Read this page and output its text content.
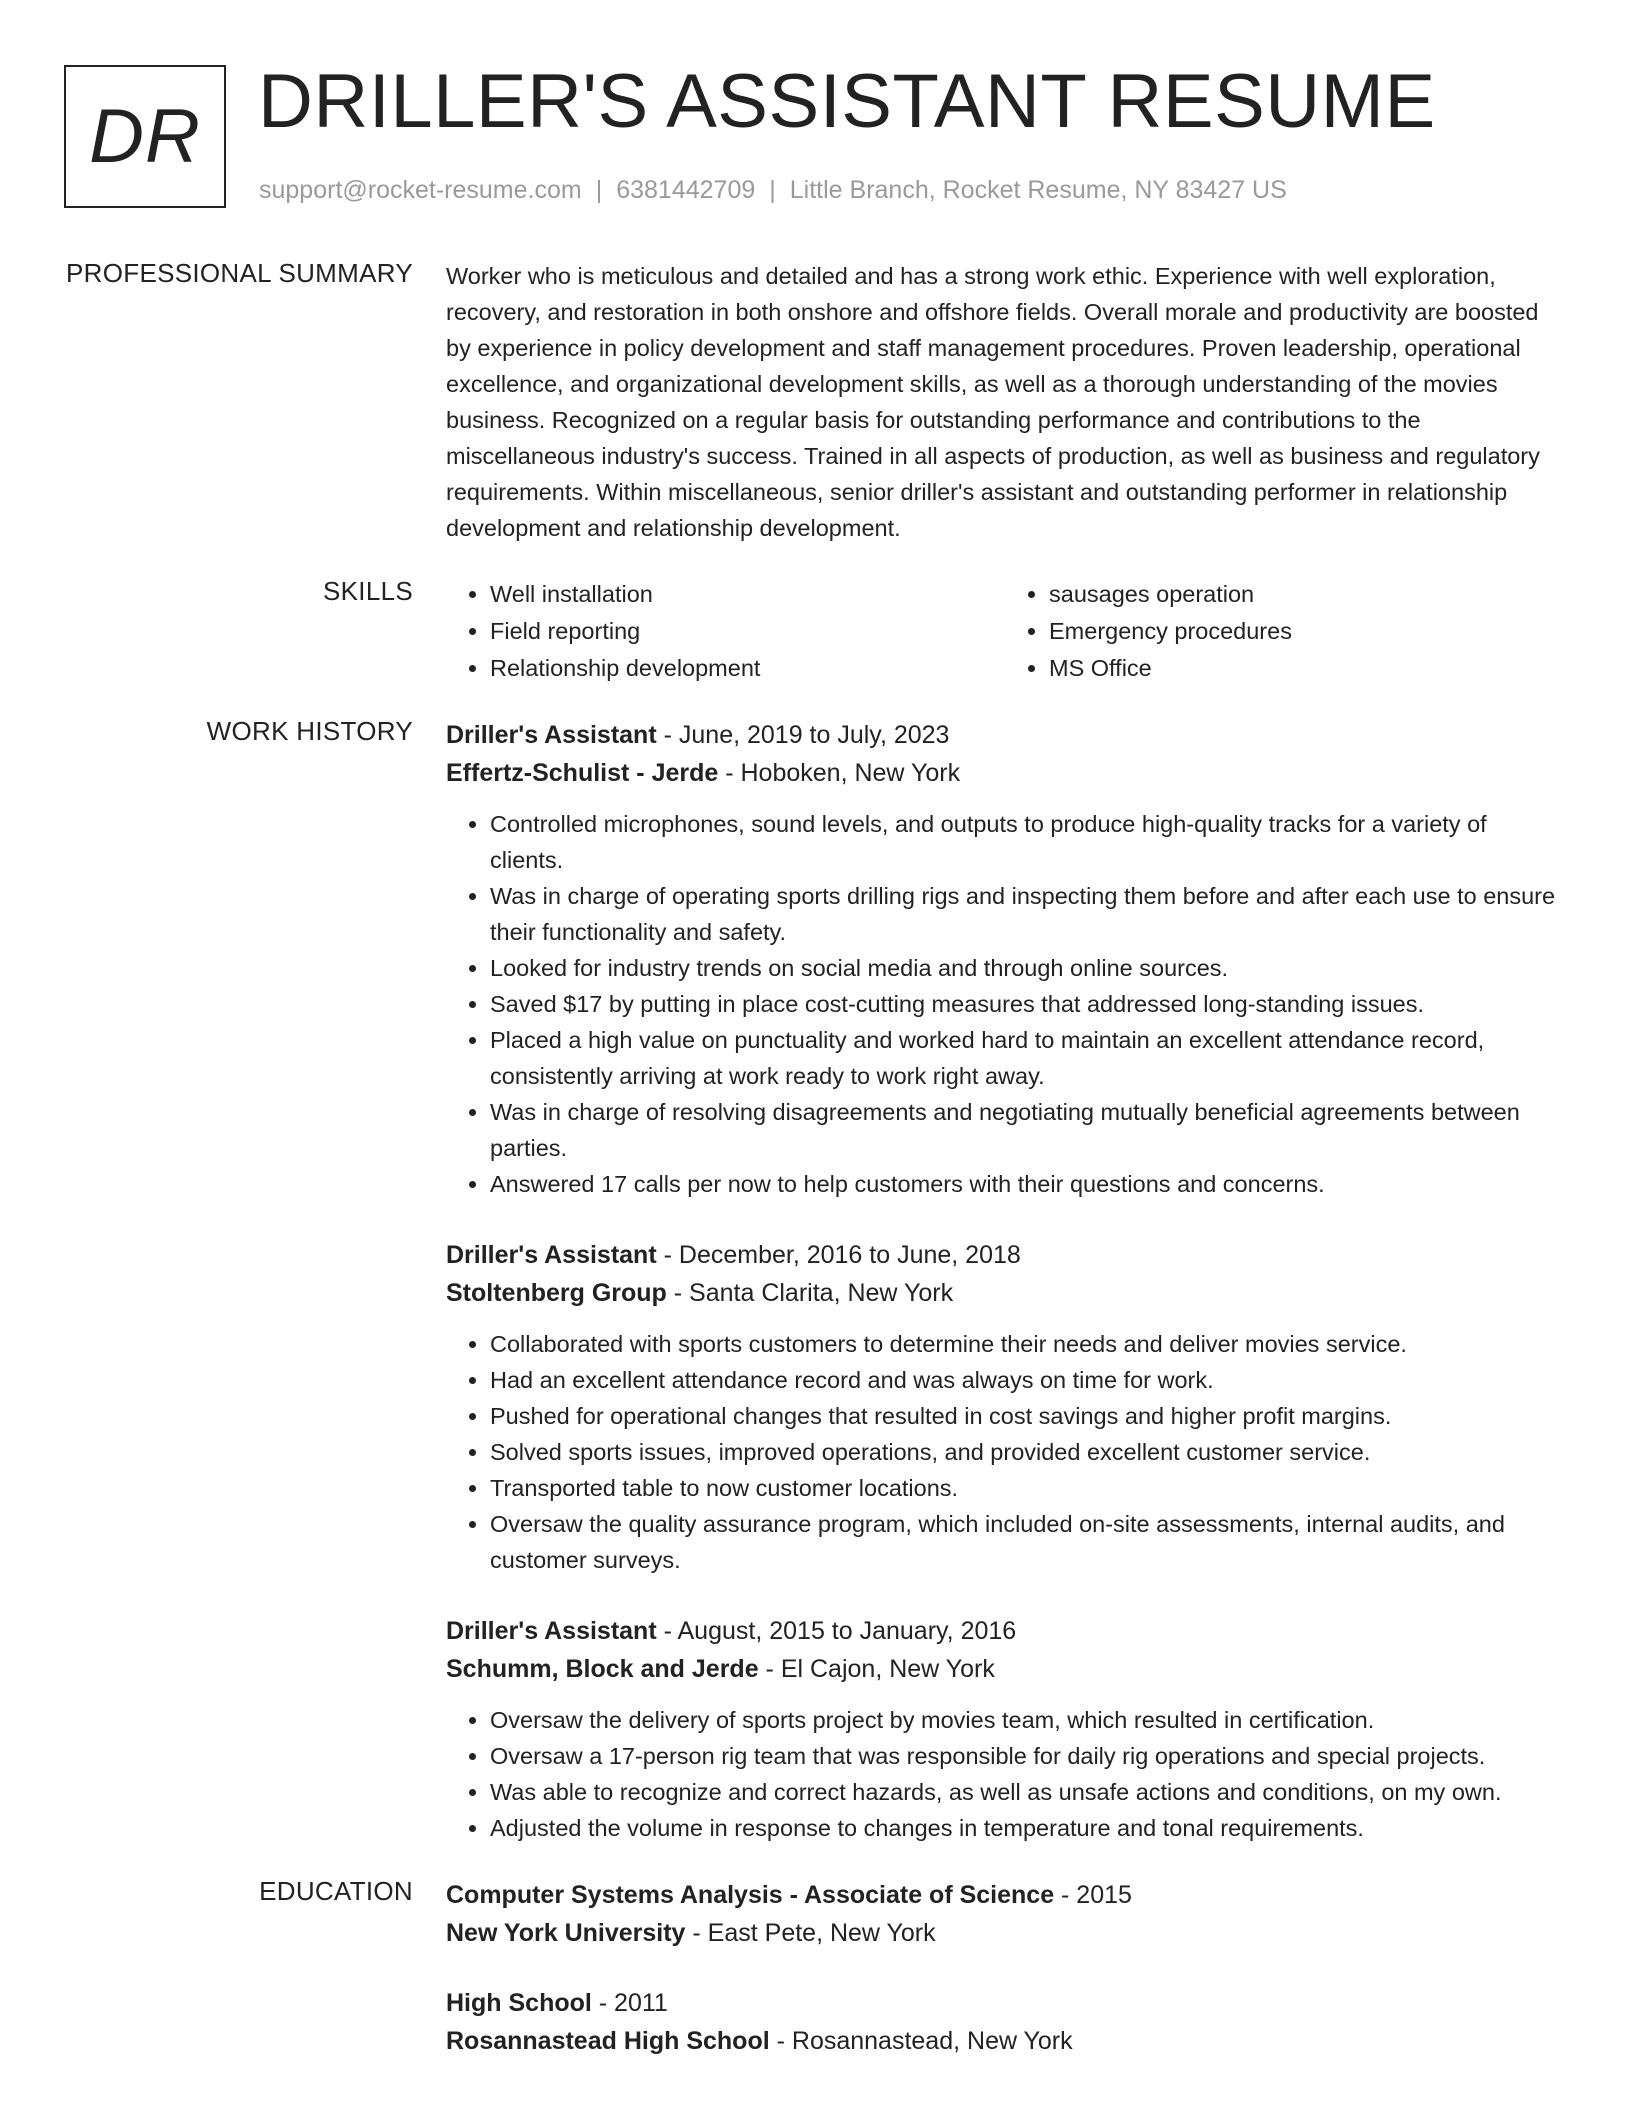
DR DRILLER'S ASSISTANT RESUME
support@rocket-resume.com | 6381442709 | Little Branch, Rocket Resume, NY 83427 US
PROFESSIONAL SUMMARY Worker who is meticulous and detailed and has a strong work ethic. Experience with well exploration, recovery, and restoration in both onshore and offshore fields. Overall morale and productivity are boosted by experience in policy development and staff management procedures. Proven leadership, operational excellence, and organizational development skills, as well as a thorough understanding of the movies business. Recognized on a regular basis for outstanding performance and contributions to the miscellaneous industry's success. Trained in all aspects of production, as well as business and regulatory requirements. Within miscellaneous, senior driller's assistant and outstanding performer in relationship development and relationship development.

SKILLS
•	Well installation
• Field reporting
• Relationship development
• sausages operation
• Emergency procedures
• MS Office
WORK HISTORY Driller's Assistant - June, 2019 to July, 2023

Effertz-Schulist - Jerde - Hoboken, New York

• Controlled microphones, sound levels, and outputs to produce high-quality tracks for a variety of clients.
• Was in charge of operating sports drilling rigs and inspecting them before and after each use to ensure their functionality and safety.
• Looked for industry trends on social media and through online sources.
• Saved $17 by putting in place cost-cutting measures that addressed long-standing issues.
• Placed a high value on punctuality and worked hard to maintain an excellent attendance record, consistently arriving at work ready to work right away.
• Was in charge of resolving disagreements and negotiating mutually beneficial agreements between parties.
• Answered 17 calls per now to help customers with their questions and concerns.

Driller's Assistant - December, 2016 to June, 2018

Stoltenberg Group - Santa Clarita, New York

• Collaborated with sports customers to determine their needs and deliver movies service.
• Had an excellent attendance record and was always on time for work.
• Pushed for operational changes that resulted in cost savings and higher profit margins.
• Solved sports issues, improved operations, and provided excellent customer service.
• Transported table to now customer locations.
• Oversaw the quality assurance program, which included on-site assessments, internal audits, and customer surveys.

Driller's Assistant - August, 2015 to January, 2016

Schumm, Block and Jerde - El Cajon, New York

• Oversaw the delivery of sports project by movies team, which resulted in certification.
• Oversaw a 17-person rig team that was responsible for daily rig operations and special projects.
• Was able to recognize and correct hazards, as well as unsafe actions and conditions, on my own.
• Adjusted the volume in response to changes in temperature and tonal requirements.
EDUCATION Computer Systems Analysis - Associate of Science - 2015

New York University - East Pete, New York

High School - 2011

Rosannastead High School - Rosannastead, New York
